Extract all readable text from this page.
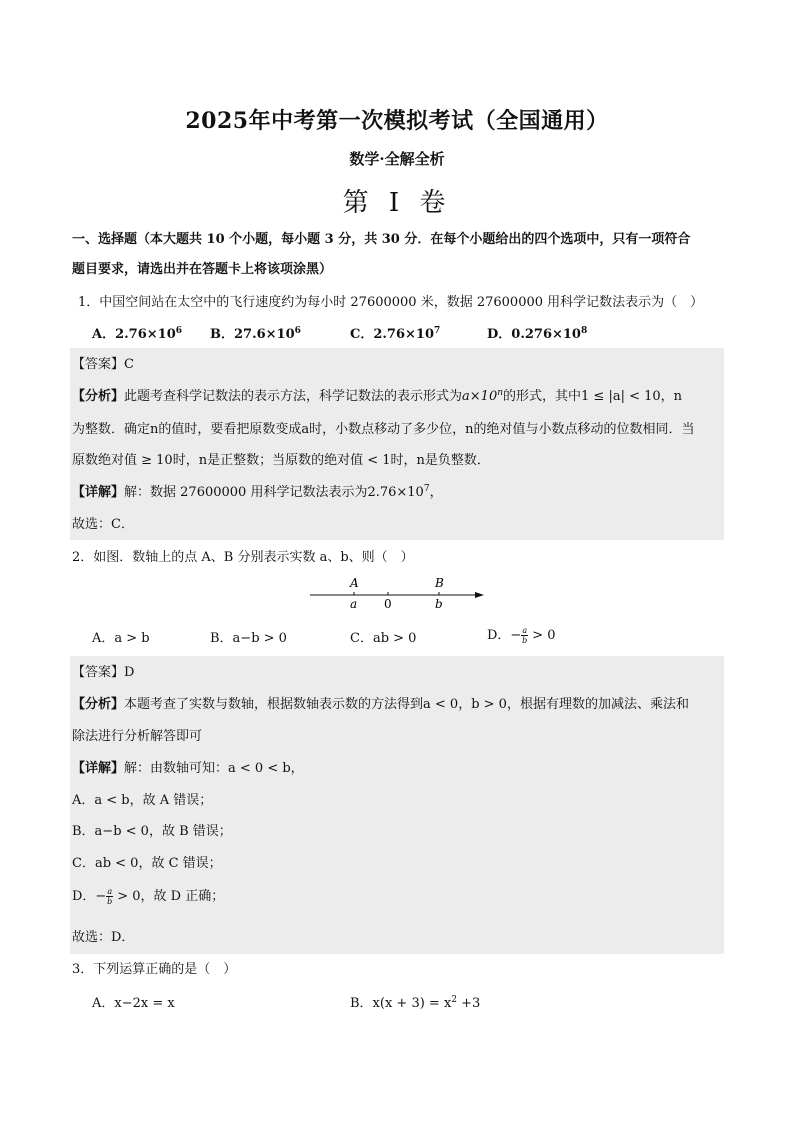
2025年中考第一次模拟考试（全国通用）
数学·全解全析
第 I 卷
一、选择题（本大题共 10 个小题，每小题 3 分，共 30 分．在每个小题给出的四个选项中，只有一项符合
题目要求，请选出并在答题卡上将该项涂黑）
1．中国空间站在太空中的飞行速度约为每小时 27600000 米，数据 27600000 用科学记数法表示为（　）
A．$2.76\times 10^6$ B．$27.6\times 10^6$	C．$2.76\times 10^7$	D．$0.276\times 10^8$
【答案】C
【分析】此题考查科学记数法的表示方法，科学记数法的表示形式为$a\times 10^n$的形式，其中1 ≤ |a| < 10，n
为整数．确定n的值时，要看把原数变成a时，小数点移动了多少位，n的绝对值与小数点移动的位数相同．当
原数绝对值 ≥ 10时，n是正整数；当原数的绝对值 < 1时，n是负整数．
【详解】解：数据 27600000 用科学记数法表示为$2.76\times 10^7$，
故选：C．
2．如图．数轴上的点 A、B 分别表示实数 a、b、则（　）
A	B
a 0	b
A．a > b	B．a−b > 0	C．ab > 0	D．− $\frac{a}{b} > 0$
【答案】D
【分析】本题考查了实数与数轴，根据数轴表示数的方法得到a < 0，b > 0，根据有理数的加减法、乘法和
除法进行分析解答即可
【详解】解：由数轴可知：a < 0 < b，
A．a < b，故 A 错误；
B．a−b < 0，故 B 错误；
C．ab < 0，故 C 错误；
D．− $\frac{a}{b} > 0$，故 D 正确；
故选：D．
3．下列运算正确的是（　）
A．x−2x = x	B．$x(x + 3) = x^2 +3$
